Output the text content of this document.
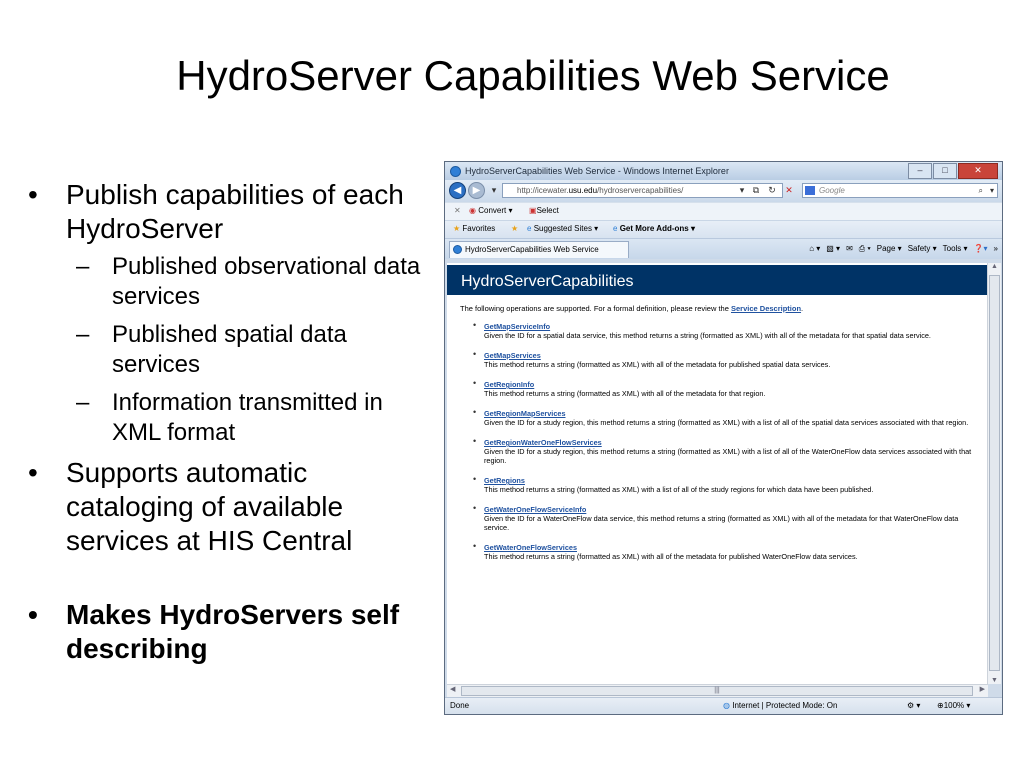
HydroServer Capabilities Web Service
• Publish capabilities of each HydroServer
– Published observational data services
– Published spatial data services
– Information transmitted in XML format
• Supports automatic cataloging of available services at HIS Central
• Makes HydroServers self describing
HydroServerCapabilities Web Service - Windows Internet Explorer	–	□	✕
◀	▶	▾	http://icewater.usu.edu/hydroservercapabilities/	▾ ⧉	↻	✕	Google	⌕ ▾
✕ ◉ Convert ▾ ▣Select
★ Favorites ★ e Suggested Sites ▾ e Get More Add-ons ▾
HydroServerCapabilities Web Service	⌂ ▾ ▧ ▾ ✉ ⎙ ▾ Page ▾ Safety ▾ Tools ▾ ❓▾ »
HydroServerCapabilities
The following operations are supported. For a formal definition, please review the Service Description.
• GetMapServiceInfo
Given the ID for a spatial data service, this method returns a string (formatted as XML) with all of the metadata for that spatial data service.
• GetMapServices
This method returns a string (formatted as XML) with all of the metadata for published spatial data services.
• GetRegionInfo
This method returns a string (formatted as XML) with all of the metadata for that region.
• GetRegionMapServices
Given the ID for a study region, this method returns a string (formatted as XML) with a list of all of the spatial data services associated with that region.
• GetRegionWaterOneFlowServices
Given the ID for a study region, this method returns a string (formatted as XML) with a list of all of the WaterOneFlow data services associated with that region.
• GetRegions
This method returns a string (formatted as XML) with a list of all of the study regions for which data have been published.
• GetWaterOneFlowServiceInfo
Given the ID for a WaterOneFlow data service, this method returns a string (formatted as XML) with all of the metadata for that WaterOneFlow data service.
• GetWaterOneFlowServices
This method returns a string (formatted as XML) with all of the metadata for published WaterOneFlow data services.
▲
▼
◀	|||	▶
Done	◍ Internet | Protected Mode: On	⚙ ▾ ⊕100% ▾
